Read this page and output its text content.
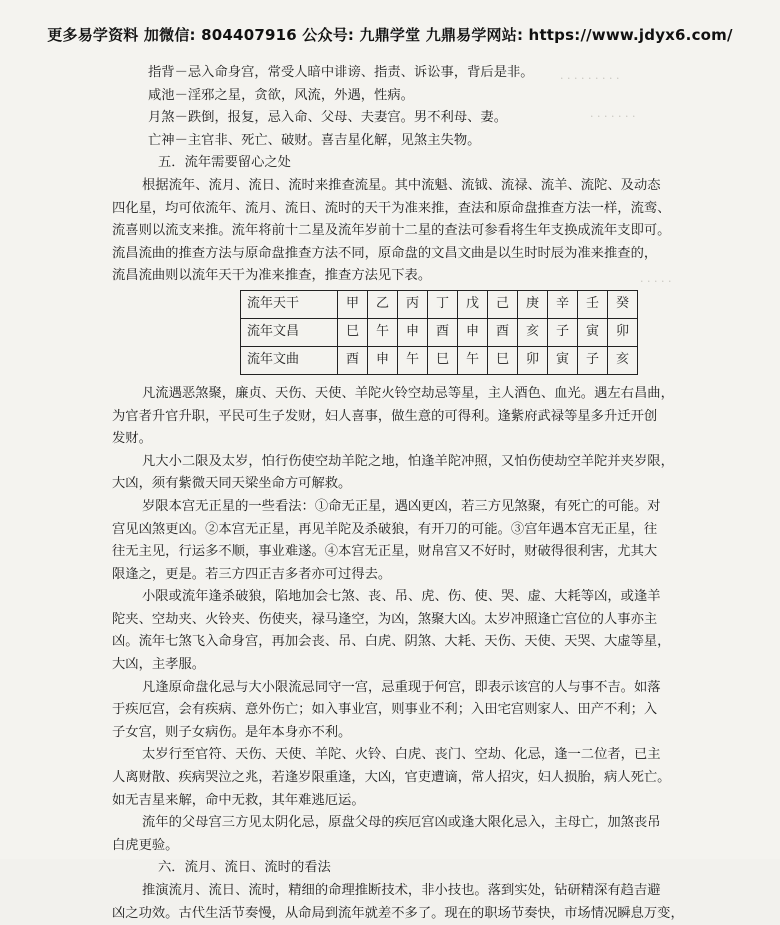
· · · · · · · · ·
· · · · · · ·
· · · · ·
更多易学资料 加微信: 804407916 公众号: 九鼎学堂 九鼎易学网站: https://www.jdyx6.com/
指背－忌入命身宫，常受人暗中诽谤、指责、诉讼事，背后是非。
咸池－淫邪之星，贪欲，风流，外遇，性病。
月煞－跌倒，报复，忌入命、父母、夫妻宫。男不利母、妻。
亡神－主官非、死亡、破财。喜吉星化解，见煞主失物。
五．流年需要留心之处
根据流年、流月、流日、流时来推查流星。其中流魁、流钺、流禄、流羊、流陀、及动态
四化星，均可依流年、流月、流日、流时的天干为准来推，查法和原命盘推查方法一样，流鸾、
流喜则以流支来推。流年将前十二星及流年岁前十二星的查法可参看将生年支换成流年支即可。
流昌流曲的推查方法与原命盘推查方法不同，原命盘的文昌文曲是以生时时辰为准来推查的，
流昌流曲则以流年天干为准来推查，推查方法见下表。
流年天干	甲	乙	丙	丁	戊	己	庚	辛	壬	癸
流年文昌	巳	午	申	酉	申	酉	亥	子	寅	卯
流年文曲	酉	申	午	巳	午	巳	卯	寅	子	亥
凡流遇恶煞聚，廉贞、天伤、天使、羊陀火铃空劫忌等星，主人酒色、血光。遇左右昌曲，
为官者升官升职，平民可生子发财，妇人喜事，做生意的可得利。逢紫府武禄等星多升迁开创
发财。
凡大小二限及太岁，怕行伤使空劫羊陀之地，怕逢羊陀冲照，又怕伤使劫空羊陀并夹岁限，
大凶，须有紫微天同天梁坐命方可解救。
岁限本宫无正星的一些看法：①命无正星，遇凶更凶，若三方见煞聚，有死亡的可能。对
宫见凶煞更凶。②本宫无正星，再见羊陀及杀破狼，有开刀的可能。③宫年遇本宫无正星，往
往无主见，行运多不顺，事业难遂。④本宫无正星，财帛宫又不好时，财破得很利害，尤其大
限逢之，更是。若三方四正吉多者亦可过得去。
小限或流年逢杀破狼，陷地加会七煞、丧、吊、虎、伤、使、哭、虚、大耗等凶，或逢羊
陀夹、空劫夹、火铃夹、伤使夹，禄马逢空，为凶，煞聚大凶。太岁冲照逢亡宫位的人事亦主
凶。流年七煞飞入命身宫，再加会丧、吊、白虎、阴煞、大耗、天伤、天使、天哭、大虚等星，
大凶，主孝服。
凡逢原命盘化忌与大小限流忌同守一宫，忌重现于何宫，即表示该宫的人与事不吉。如落
于疾厄宫，会有疾病、意外伤亡；如入事业宫，则事业不利；入田宅宫则家人、田产不利；入
子女宫，则子女病伤。是年本身亦不利。
太岁行至官符、天伤、天使、羊陀、火铃、白虎、丧门、空劫、化忌，逢一二位者，已主
人离财散、疾病哭泣之兆，若逢岁限重逢，大凶，官吏遭谪，常人招灾，妇人损胎，病人死亡。
如无吉星来解，命中无救，其年难逃厄运。
流年的父母宫三方见太阴化忌，原盘父母的疾厄宫凶或逢大限化忌入，主母亡，加煞丧吊
白虎更验。
六．流月、流日、流时的看法
推演流月、流日、流时，精细的命理推断技术，非小技也。落到实处，钻研精深有趋吉避
凶之功效。古代生活节奏慢，从命局到流年就差不多了。现在的职场节奏快，市场情况瞬息万变，
